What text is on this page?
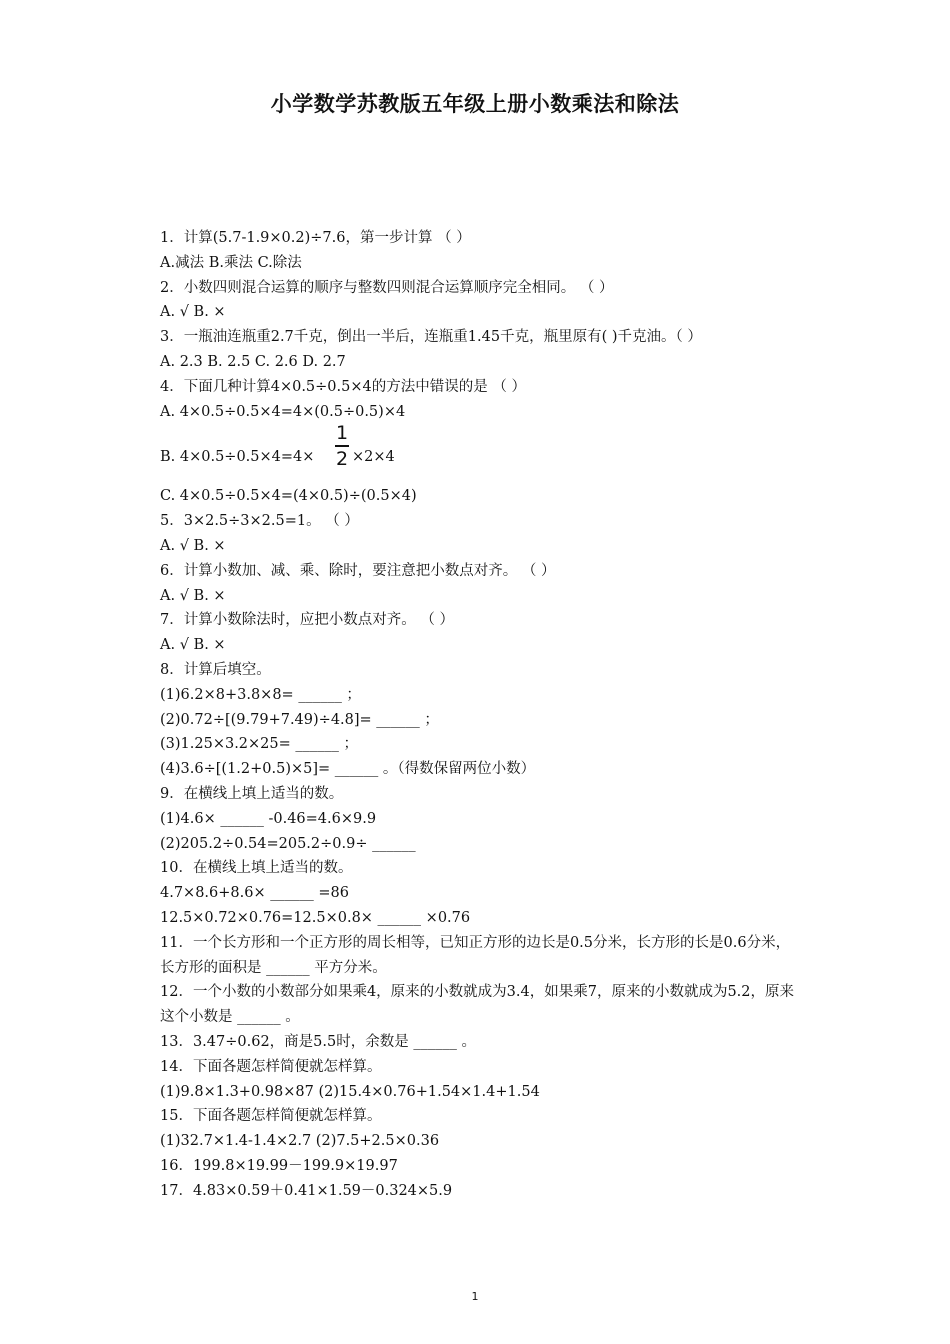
小学数学苏教版五年级上册小数乘法和除法
1．计算(5.7-1.9×0.2)÷7.6，第一步计算 （ ）
A.减法 B.乘法 C.除法
2．小数四则混合运算的顺序与整数四则混合运算顺序完全相同。 （ ）
A. √ B. ×
3．一瓶油连瓶重2.7千克，倒出一半后，连瓶重1.45千克，瓶里原有( )千克油。（ ）
A. 2.3 B. 2.5 C. 2.6 D. 2.7
4．下面几种计算4×0.5÷0.5×4的方法中错误的是 （ ）
A. 4×0.5÷0.5×4=4×(0.5÷0.5)×4
B. 4×0.5÷0.5×4=4×
1
2 ×2×4
C. 4×0.5÷0.5×4=(4×0.5)÷(0.5×4)
5．3×2.5÷3×2.5=1。 （ ）
A. √ B. ×
6．计算小数加、减、乘、除时，要注意把小数点对齐。 （ ）
A. √ B. ×
7．计算小数除法时，应把小数点对齐。 （ ）
A. √ B. ×
8．计算后填空。
(1)6.2×8+3.8×8= ______ ；
(2)0.72÷[(9.79+7.49)÷4.8]= ______ ；
(3)1.25×3.2×25= ______ ；
(4)3.6÷[(1.2+0.5)×5]= ______ 。（得数保留两位小数）
9．在横线上填上适当的数。
(1)4.6× ______ -0.46=4.6×9.9
(2)205.2÷0.54=205.2÷0.9÷ ______
10．在横线上填上适当的数。
4.7×8.6+8.6× ______ =86
12.5×0.72×0.76=12.5×0.8× ______ ×0.76
11．一个长方形和一个正方形的周长相等，已知正方形的边长是0.5分米，长方形的长是0.6分米，长方形的面积是 ______ 平方分米。
12．一个小数的小数部分如果乘4，原来的小数就成为3.4，如果乘7，原来的小数就成为5.2，原来这个小数是 ______ 。
13．3.47÷0.62，商是5.5时，余数是 ______ 。
14．下面各题怎样简便就怎样算。
(1)9.8×1.3+0.98×87 (2)15.4×0.76+1.54×1.4+1.54
15．下面各题怎样简便就怎样算。
(1)32.7×1.4-1.4×2.7 (2)7.5+2.5×0.36
16．199.8×19.99－199.9×19.97
17．4.83×0.59＋0.41×1.59－0.324×5.9
1
